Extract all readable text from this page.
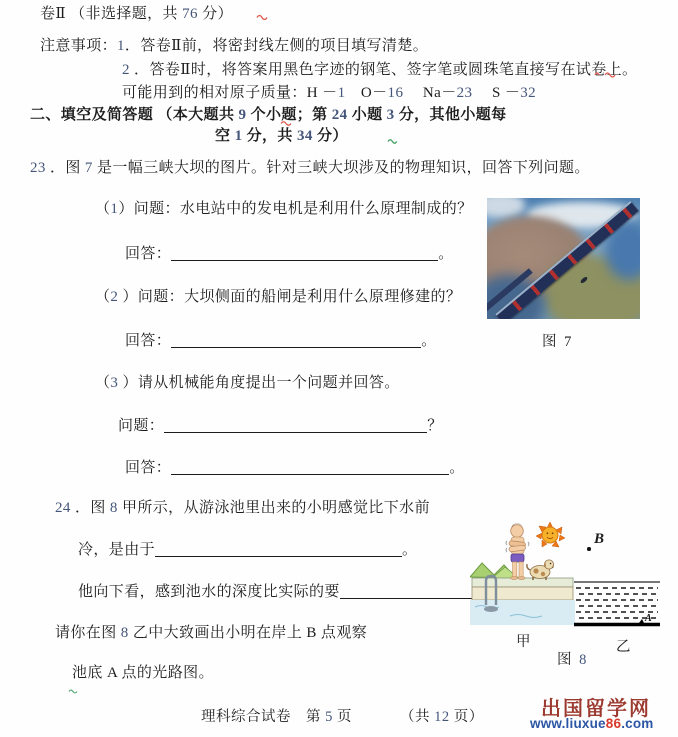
卷Ⅱ （非选择题，共 76 分）
注意事项：1．答卷Ⅱ前，将密封线左侧的项目填写清楚。
2 ．答卷Ⅱ时，将答案用黑色字迹的钢笔、签字笔或圆珠笔直接写在试卷上。
可能用到的相对原子质量：H －1　O－16　 Na－23　 S －32
二、填空及简答题 （本大题共 9 个小题；第 24 小题 3 分，其他小题每
空 1 分，共 34 分）
23 ．图 7 是一幅三峡大坝的图片。针对三峡大坝涉及的物理知识，回答下列问题。
（1）问题：水电站中的发电机是利用什么原理制成的？
回答：	。
（2 ）问题：大坝侧面的船闸是利用什么原理修建的？
回答：	。
（3 ）请从机械能角度提出一个问题并回答。
问题：	？
回答：	。
图 7
24 ．图 8 甲所示，从游泳池里出来的小明感觉比下水前
冷，是由于	。
他向下看，感到池水的深度比实际的要
请你在图 8 乙中大致画出小明在岸上 B 点观察
池底 A 点的光路图。
B
A
甲	乙
图 8
理科综合试卷　第 5 页	（共 12 页）	出国留学网
www.liuxue86.com
